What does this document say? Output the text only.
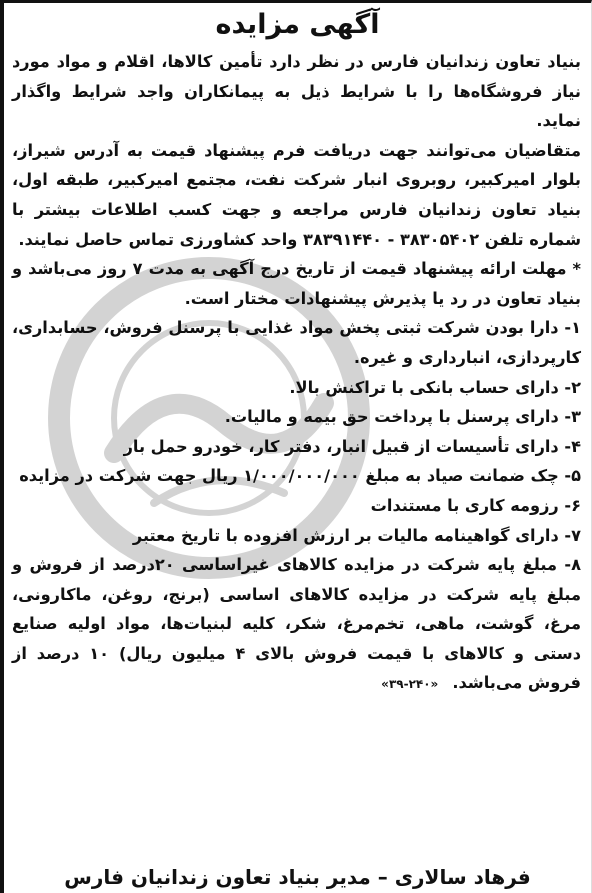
آگهی مزایده

بنیاد تعاون زندانیان فارس در نظر دارد تأمین کالاها، اقلام و مواد مورد نیاز فروشگاه‌ها را با شرایط ذیل به پیمانکاران واجد شرایط واگذار نماید.

متقاضیان می‌توانند جهت دریافت فرم پیشنهاد قیمت به آدرس شیراز، بلوار امیرکبیر، روبروی انبار شرکت نفت، مجتمع امیرکبیر، طبقه اول، بنیاد تعاون زندانیان فارس مراجعه و جهت کسب اطلاعات بیشتر با شماره تلفن ۳۸۳۰۵۴۰۲ - ۳۸۳۹۱۴۴۰ واحد کشاورزی تماس حاصل نمایند.

* مهلت ارائه پیشنهاد قیمت از تاریخ درج آگهی به مدت ۷ روز می‌باشد و بنیاد تعاون در رد یا پذیرش پیشنهادات مختار است.

۱- دارا بودن شرکت ثبتی پخش مواد غذایی با پرسنل فروش، حسابداری، کارپردازی، انبارداری و غیره.

۲- دارای حساب بانکی با تراکنش بالا.

۳- دارای پرسنل با پرداخت حق بیمه و مالیات.

۴- دارای تأسیسات از قبیل انبار، دفتر کار، خودرو حمل بار

۵- چک ضمانت صیاد به مبلغ ۱/۰۰۰/۰۰۰/۰۰۰ ریال جهت شرکت در مزایده

۶- رزومه کاری با مستندات

۷- دارای گواهینامه مالیات بر ارزش افزوده با تاریخ معتبر

۸- مبلغ پایه شرکت در مزایده کالاهای غیراساسی ۲۰درصد از فروش و مبلغ پایه شرکت در مزایده کالاهای اساسی (برنج، روغن، ماکارونی، مرغ، گوشت، ماهی، تخم‌مرغ، شکر، کلیه لبنیات‌ها، مواد اولیه صنایع دستی و کالاهای با قیمت فروش بالای ۴ میلیون ریال) ۱۰ درصد از فروش می‌باشد.«۳۹-۲۴۰»

فرهاد سالاری – مدیر بنیاد تعاون زندانیان فارس
